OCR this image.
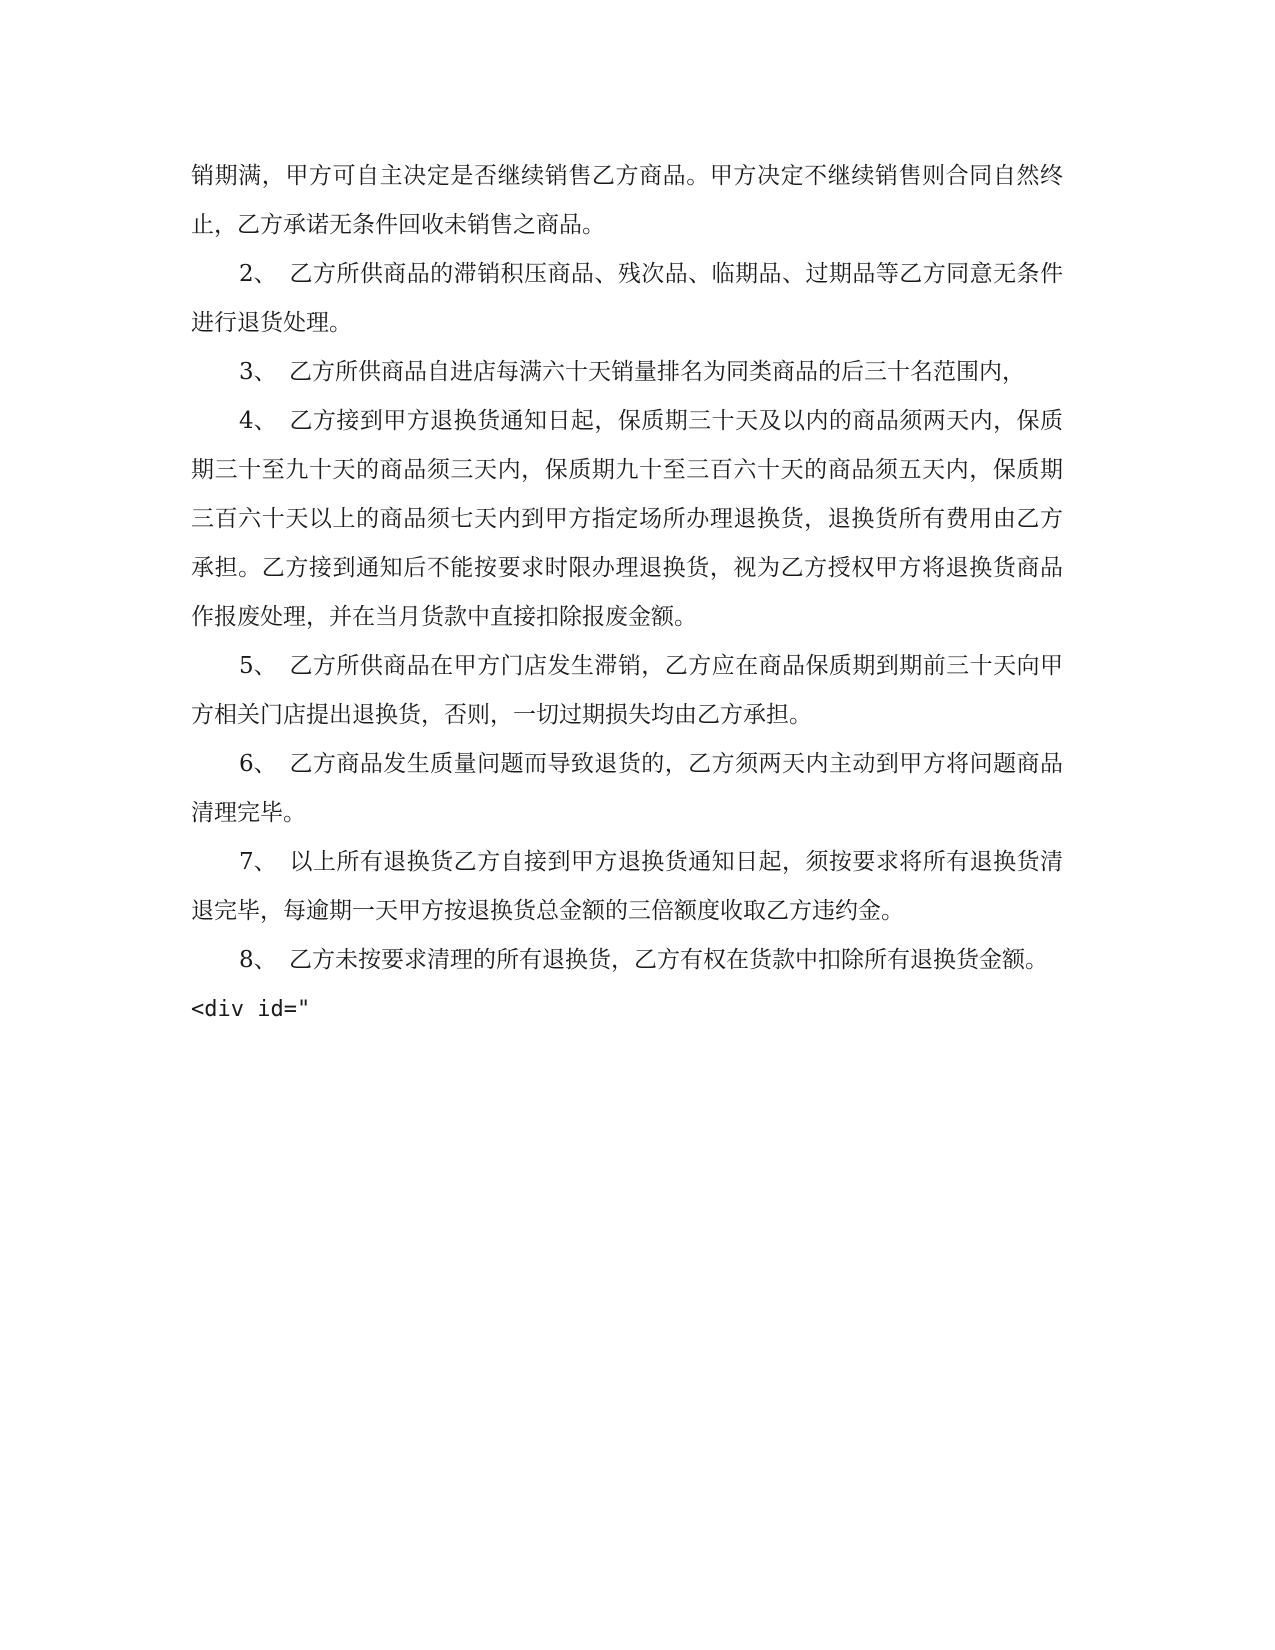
销期满，甲方可自主决定是否继续销售乙方商品。甲方决定不继续销售则合同自然终止，乙方承诺无条件回收未销售之商品。

2、 乙方所供商品的滞销积压商品、残次品、临期品、过期品等乙方同意无条件进行退货处理。

3、 乙方所供商品自进店每满六十天销量排名为同类商品的后三十名范围内，

4、 乙方接到甲方退换货通知日起，保质期三十天及以内的商品须两天内，保质期三十至九十天的商品须三天内，保质期九十至三百六十天的商品须五天内，保质期三百六十天以上的商品须七天内到甲方指定场所办理退换货，退换货所有费用由乙方承担。乙方接到通知后不能按要求时限办理退换货，视为乙方授权甲方将退换货商品作报废处理，并在当月货款中直接扣除报废金额。

5、 乙方所供商品在甲方门店发生滞销，乙方应在商品保质期到期前三十天向甲方相关门店提出退换货，否则，一切过期损失均由乙方承担。

6、 乙方商品发生质量问题而导致退货的，乙方须两天内主动到甲方将问题商品清理完毕。

7、 以上所有退换货乙方自接到甲方退换货通知日起，须按要求将所有退换货清退完毕，每逾期一天甲方按退换货总金额的三倍额度收取乙方违约金。

8、 乙方未按要求清理的所有退换货，乙方有权在货款中扣除所有退换货金额。

<div id="
